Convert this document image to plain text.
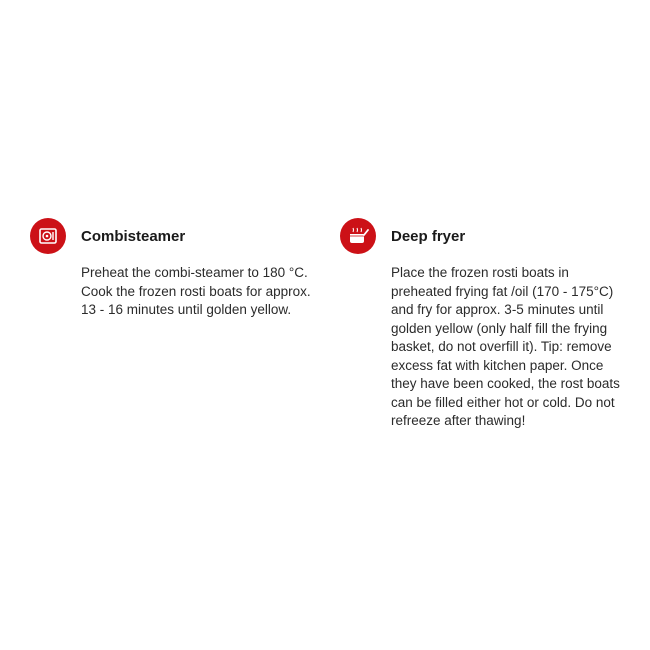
Combisteamer
Preheat the combi-steamer to 180 °C.
Cook the frozen rosti boats for approx.
13 - 16 minutes until golden yellow.
Deep fryer
Place the frozen rosti boats in
preheated frying fat /oil (170 - 175°C)
and fry for approx. 3-5 minutes until
golden yellow (only half fill the frying
basket, do not overfill it). Tip: remove
excess fat with kitchen paper. Once
they have been cooked, the rost boats
can be filled either hot or cold. Do not
refreeze after thawing!
